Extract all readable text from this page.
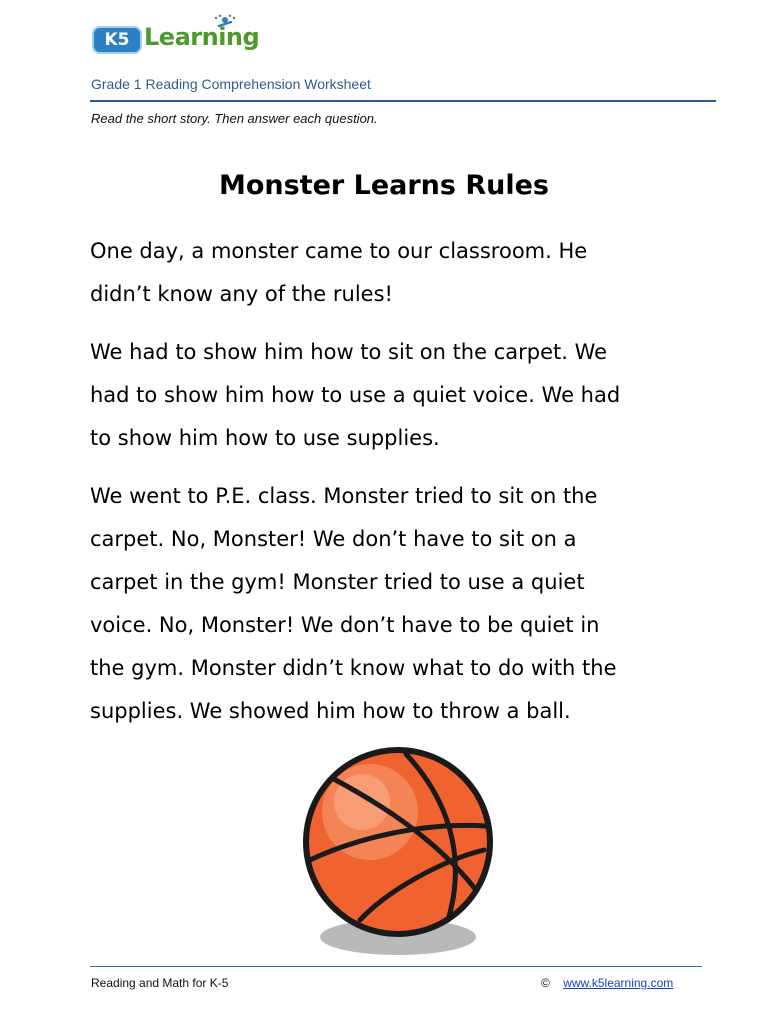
K5 Learning
Grade 1 Reading Comprehension Worksheet
Read the short story. Then answer each question.
Monster Learns Rules
One day, a monster came to our classroom. He
didn’t know any of the rules!
We had to show him how to sit on the carpet. We
had to show him how to use a quiet voice. We had
to show him how to use supplies.
We went to P.E. class. Monster tried to sit on the
carpet. No, Monster! We don’t have to sit on a
carpet in the gym! Monster tried to use a quiet
voice. No, Monster! We don’t have to be quiet in
the gym. Monster didn’t know what to do with the
supplies. We showed him how to throw a ball.
Reading and Math for K-5	© www.k5learning.com
